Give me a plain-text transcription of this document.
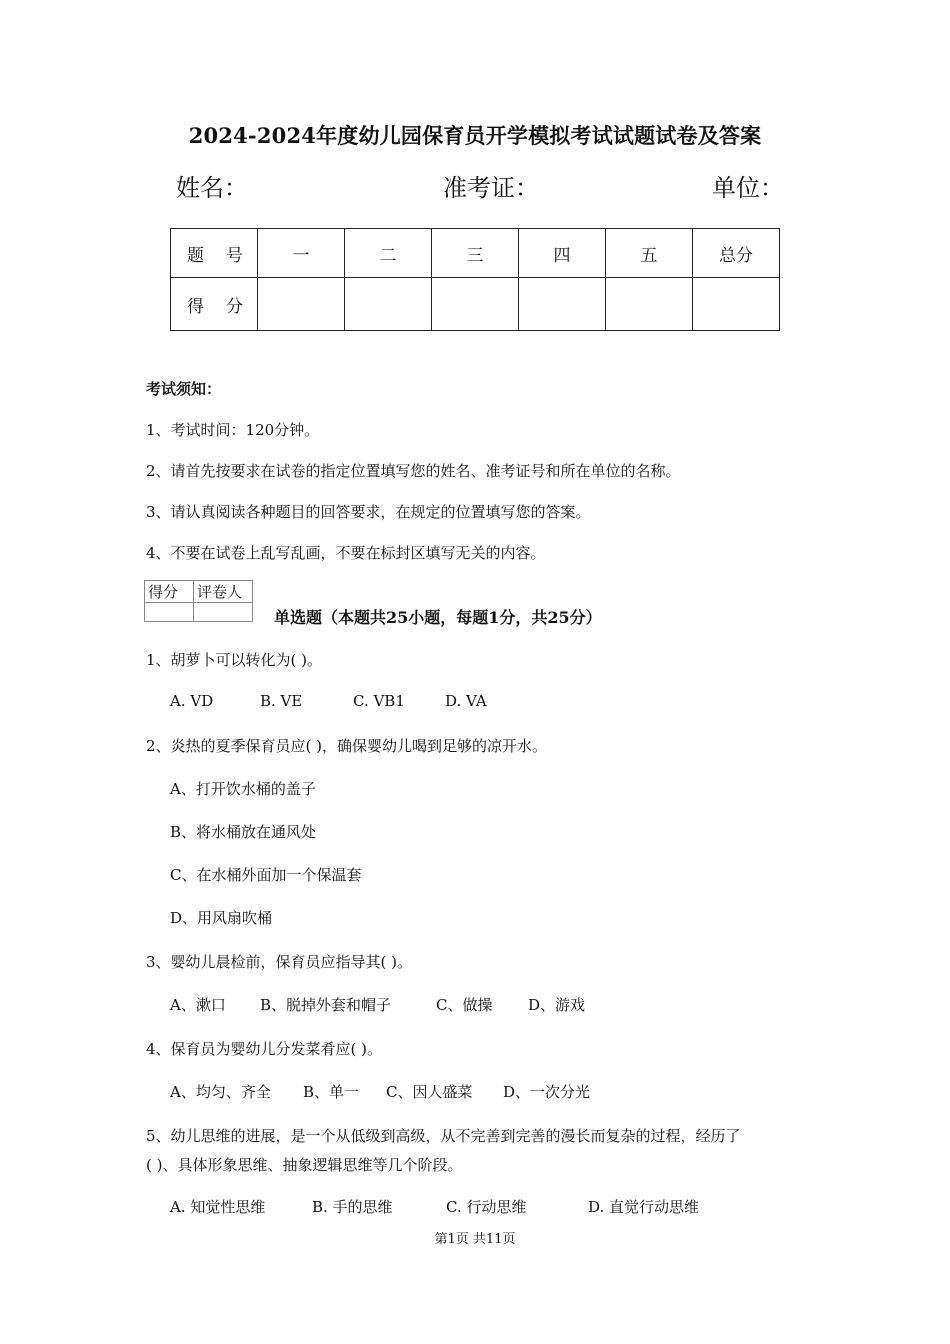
2024-2024年度幼儿园保育员开学模拟考试试题试卷及答案
姓名：	准考证：	单位：
题 号	一	二	三	四	五	总分
得 分						
考试须知：
1、考试时间：120分钟。
2、请首先按要求在试卷的指定位置填写您的姓名、准考证号和所在单位的名称。
3、请认真阅读各种题目的回答要求，在规定的位置填写您的答案。
4、不要在试卷上乱写乱画，不要在标封区填写无关的内容。
得分	评卷人

单选题（本题共25小题，每题1分，共25分）
1、胡萝卜可以转化为( )。
A. VD	B. VE	C. VB1	D. VA
2、炎热的夏季保育员应( )，确保婴幼儿喝到足够的凉开水。
A、打开饮水桶的盖子
B、将水桶放在通风处
C、在水桶外面加一个保温套
D、用风扇吹桶
3、婴幼儿晨检前，保育员应指导其( )。
A、漱口 B、脱掉外套和帽子	C、做操 D、游戏
4、保育员为婴幼儿分发菜肴应( )。
A、均匀、齐全 B、单一 C、因人盛菜 D、一次分光
5、幼儿思维的进展，是一个从低级到高级，从不完善到完善的漫长而复杂的过程，经历了
( )、具体形象思维、抽象逻辑思维等几个阶段。
A. 知觉性思维	B. 手的思维	C. 行动思维	D. 直觉行动思维
第1页 共11页
